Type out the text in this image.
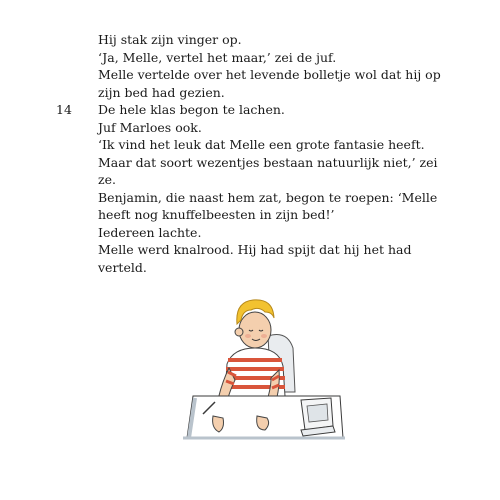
14

Hij stak zijn vinger op.

‘Ja, Melle, vertel het maar,’ zei de juf.

Melle vertelde over het levende bolletje wol dat hij op zijn bed had gezien.

De hele klas begon te lachen.

Juf Marloes ook.

‘Ik vind het leuk dat Melle een grote fantasie heeft. Maar dat soort wezentjes bestaan natuurlijk niet,’ zei ze.

Benjamin, die naast hem zat, begon te roepen: ‘Melle heeft nog knuffelbeesten in zijn bed!’

Iedereen lachte.

Melle werd knalrood. Hij had spijt dat hij het had verteld.
